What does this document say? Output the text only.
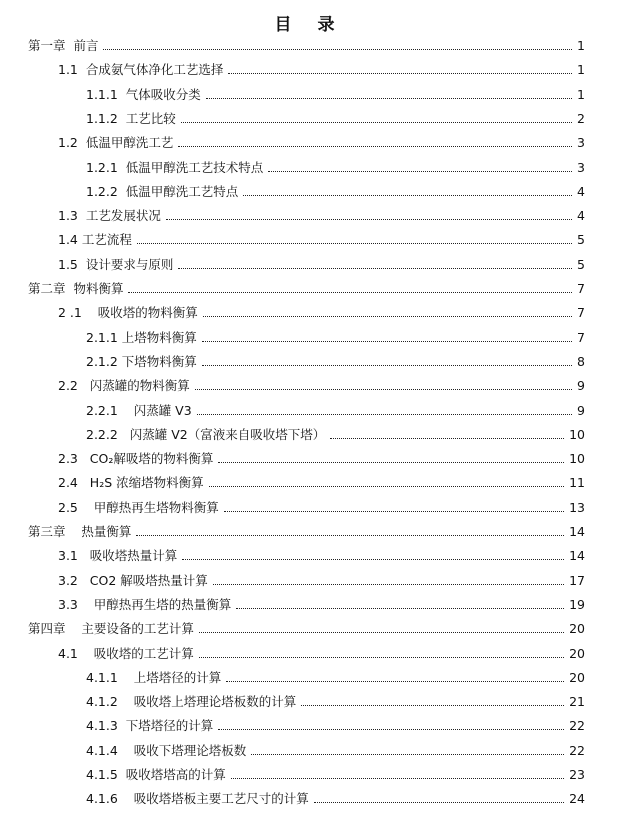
目 录
第一章  前言	1
1.1  合成氨气体净化工艺选择	1
1.1.1  气体吸收分类	1
1.1.2  工艺比较	2
1.2  低温甲醇洗工艺	3
1.2.1  低温甲醇洗工艺技术特点	3
1.2.2  低温甲醇洗工艺特点	4
1.3  工艺发展状况	4
1.4 工艺流程	5
1.5  设计要求与原则	5
第二章  物料衡算	7
2 .1    吸收塔的物料衡算	7
2.1.1 上塔物料衡算	7
2.1.2 下塔物料衡算	8
2.2   闪蒸罐的物料衡算	9
2.2.1    闪蒸罐 V3	9
2.2.2   闪蒸罐 V2（富液来自吸收塔下塔）	10
2.3   CO₂解吸塔的物料衡算	10
2.4   H₂S 浓缩塔物料衡算	11
2.5    甲醇热再生塔物料衡算	13
第三章    热量衡算	14
3.1   吸收塔热量计算	14
3.2   CO2 解吸塔热量计算	17
3.3    甲醇热再生塔的热量衡算	19
第四章    主要设备的工艺计算	20
4.1    吸收塔的工艺计算	20
4.1.1    上塔塔径的计算	20
4.1.2    吸收塔上塔理论塔板数的计算	21
4.1.3  下塔塔径的计算	22
4.1.4    吸收下塔理论塔板数	22
4.1.5  吸收塔塔高的计算	23
4.1.6    吸收塔塔板主要工艺尺寸的计算	24
